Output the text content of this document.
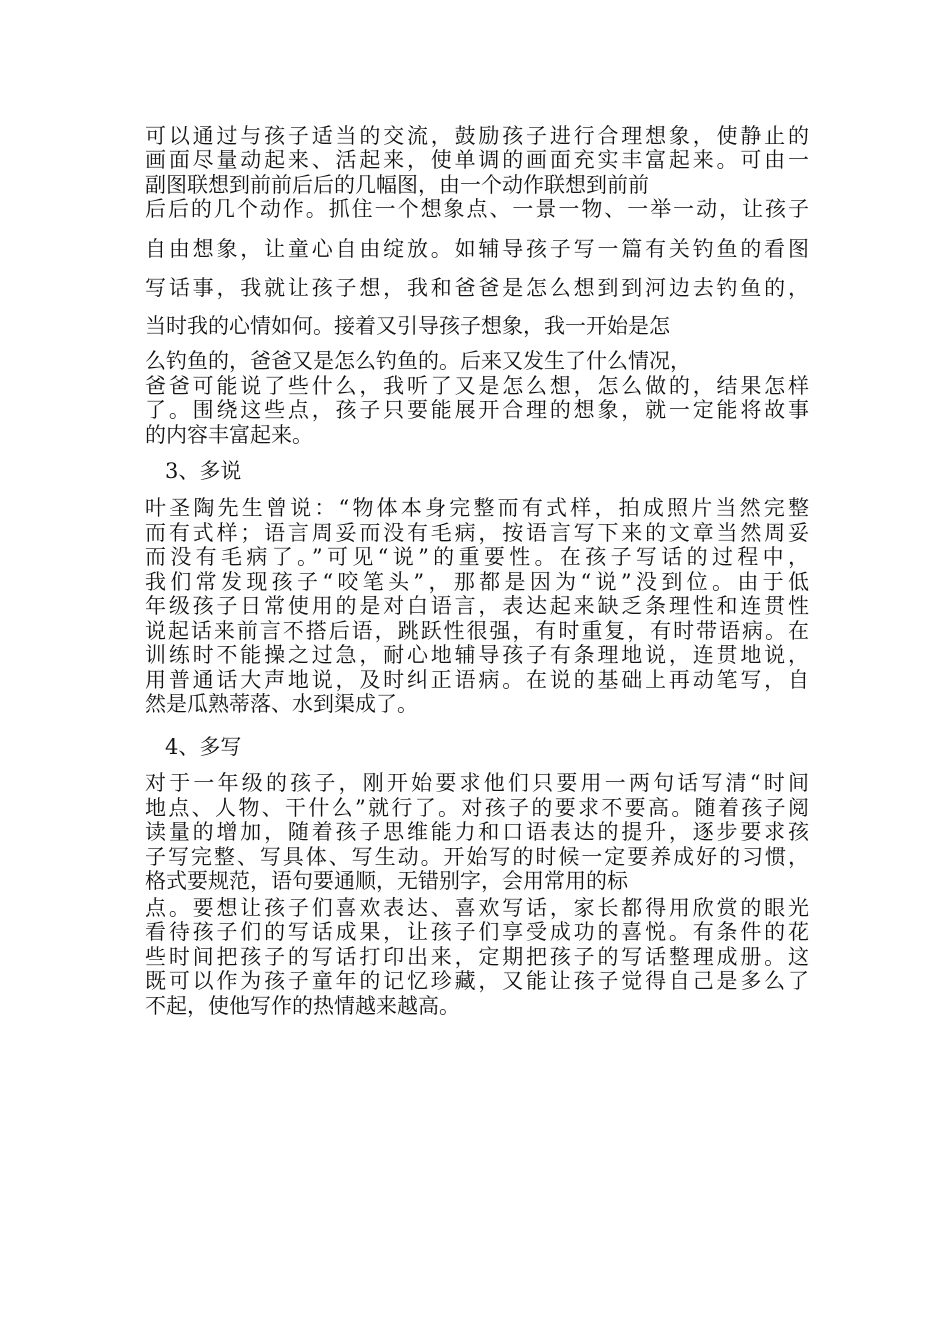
可以通过与孩子适当的交流，鼓励孩子进行合理想象，使静止的
画面尽量动起来、活起来，使单调的画面充实丰富起来。可由一
副图联想到前前后后的几幅图，由一个动作联想到前前
后后的几个动作。抓住一个想象点、一景一物、一举一动，让孩子
自由想象，让童心自由绽放。如辅导孩子写一篇有关钓鱼的看图
写话事，我就让孩子想，我和爸爸是怎么想到到河边去钓鱼的，
当时我的心情如何。接着又引导孩子想象，我一开始是怎
么钓鱼的，爸爸又是怎么钓鱼的。后来又发生了什么情况，
爸爸可能说了些什么，我听了又是怎么想，怎么做的，结果怎样
了。围绕这些点，孩子只要能展开合理的想象，就一定能将故事
的内容丰富起来。
3、多说
叶圣陶先生曾说：“物体本身完整而有式样，拍成照片当然完整
而有式样；语言周妥而没有毛病，按语言写下来的文章当然周妥
而没有毛病了。”可见“说”的重要性。在孩子写话的过程中，
我们常发现孩子“咬笔头”，那都是因为“说”没到位。由于低
年级孩子日常使用的是对白语言，表达起来缺乏条理性和连贯性
说起话来前言不搭后语，跳跃性很强，有时重复，有时带语病。在
训练时不能操之过急，耐心地辅导孩子有条理地说，连贯地说，
用普通话大声地说，及时纠正语病。在说的基础上再动笔写，自
然是瓜熟蒂落、水到渠成了。
4、多写
对于一年级的孩子，刚开始要求他们只要用一两句话写清“时间
地点、人物、干什么”就行了。对孩子的要求不要高。随着孩子阅
读量的增加，随着孩子思维能力和口语表达的提升，逐步要求孩
子写完整、写具体、写生动。开始写的时候一定要养成好的习惯，
格式要规范，语句要通顺，无错别字，会用常用的标
点。要想让孩子们喜欢表达、喜欢写话，家长都得用欣赏的眼光
看待孩子们的写话成果，让孩子们享受成功的喜悦。有条件的花
些时间把孩子的写话打印出来，定期把孩子的写话整理成册。这
既可以作为孩子童年的记忆珍藏，又能让孩子觉得自己是多么了
不起，使他写作的热情越来越高。
